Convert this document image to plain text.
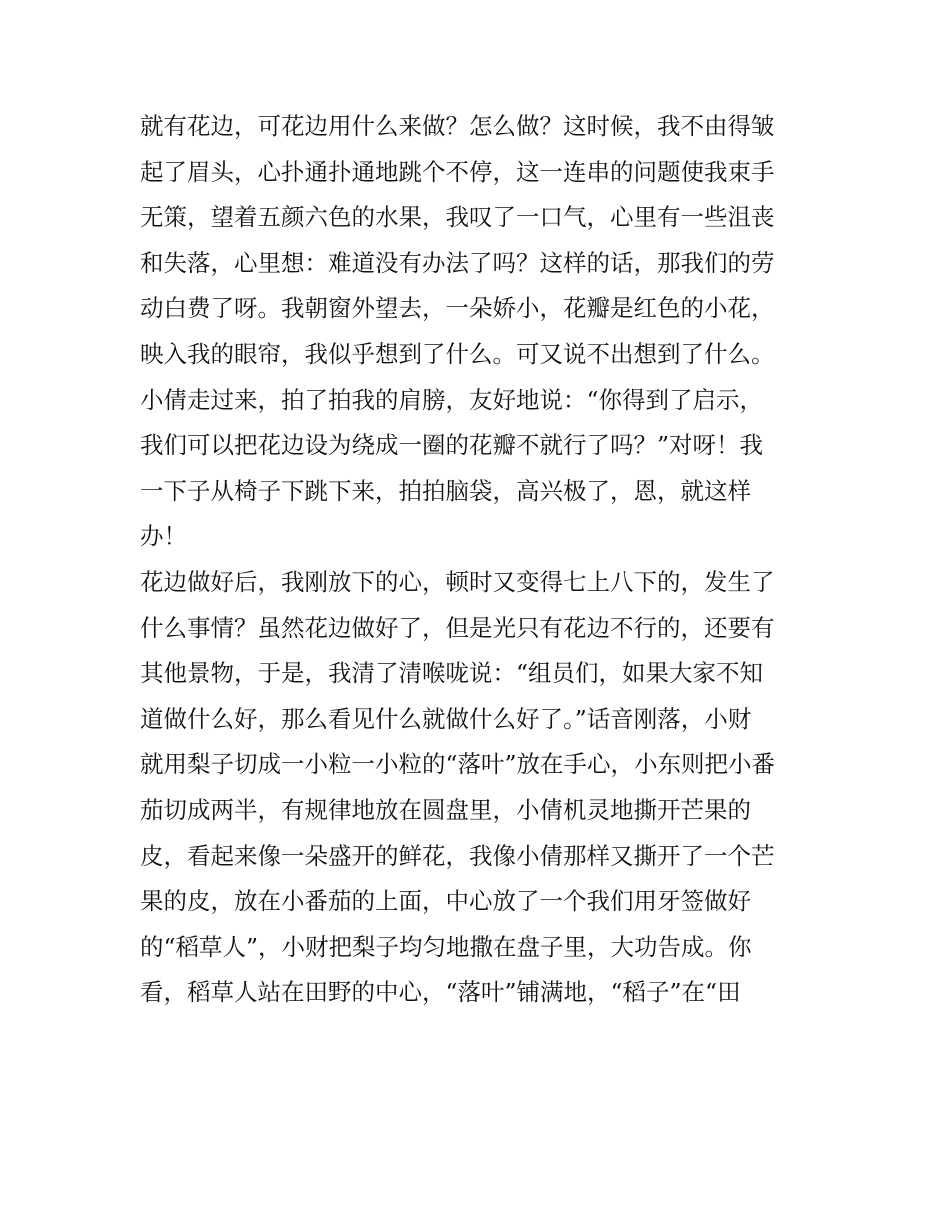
就有花边，可花边用什么来做？怎么做？这时候，我不由得皱
起了眉头，心扑通扑通地跳个不停，这一连串的问题使我束手
无策，望着五颜六色的水果，我叹了一口气，心里有一些沮丧
和失落，心里想：难道没有办法了吗？这样的话，那我们的劳
动白费了呀。我朝窗外望去，一朵娇小，花瓣是红色的小花，
映入我的眼帘，我似乎想到了什么。可又说不出想到了什么。
小倩走过来，拍了拍我的肩膀，友好地说：“你得到了启示，
我们可以把花边设为绕成一圈的花瓣不就行了吗？”对呀！我
一下子从椅子下跳下来，拍拍脑袋，高兴极了，恩，就这样
办！
花边做好后，我刚放下的心，顿时又变得七上八下的，发生了
什么事情？虽然花边做好了，但是光只有花边不行的，还要有
其他景物，于是，我清了清喉咙说：“组员们，如果大家不知
道做什么好，那么看见什么就做什么好了。”话音刚落，小财
就用梨子切成一小粒一小粒的“落叶”放在手心，小东则把小番
茄切成两半，有规律地放在圆盘里，小倩机灵地撕开芒果的
皮，看起来像一朵盛开的鲜花，我像小倩那样又撕开了一个芒
果的皮，放在小番茄的上面，中心放了一个我们用牙签做好
的“稻草人”，小财把梨子均匀地撒在盘子里，大功告成。你
看，稻草人站在田野的中心，“落叶”铺满地，“稻子”在“田
